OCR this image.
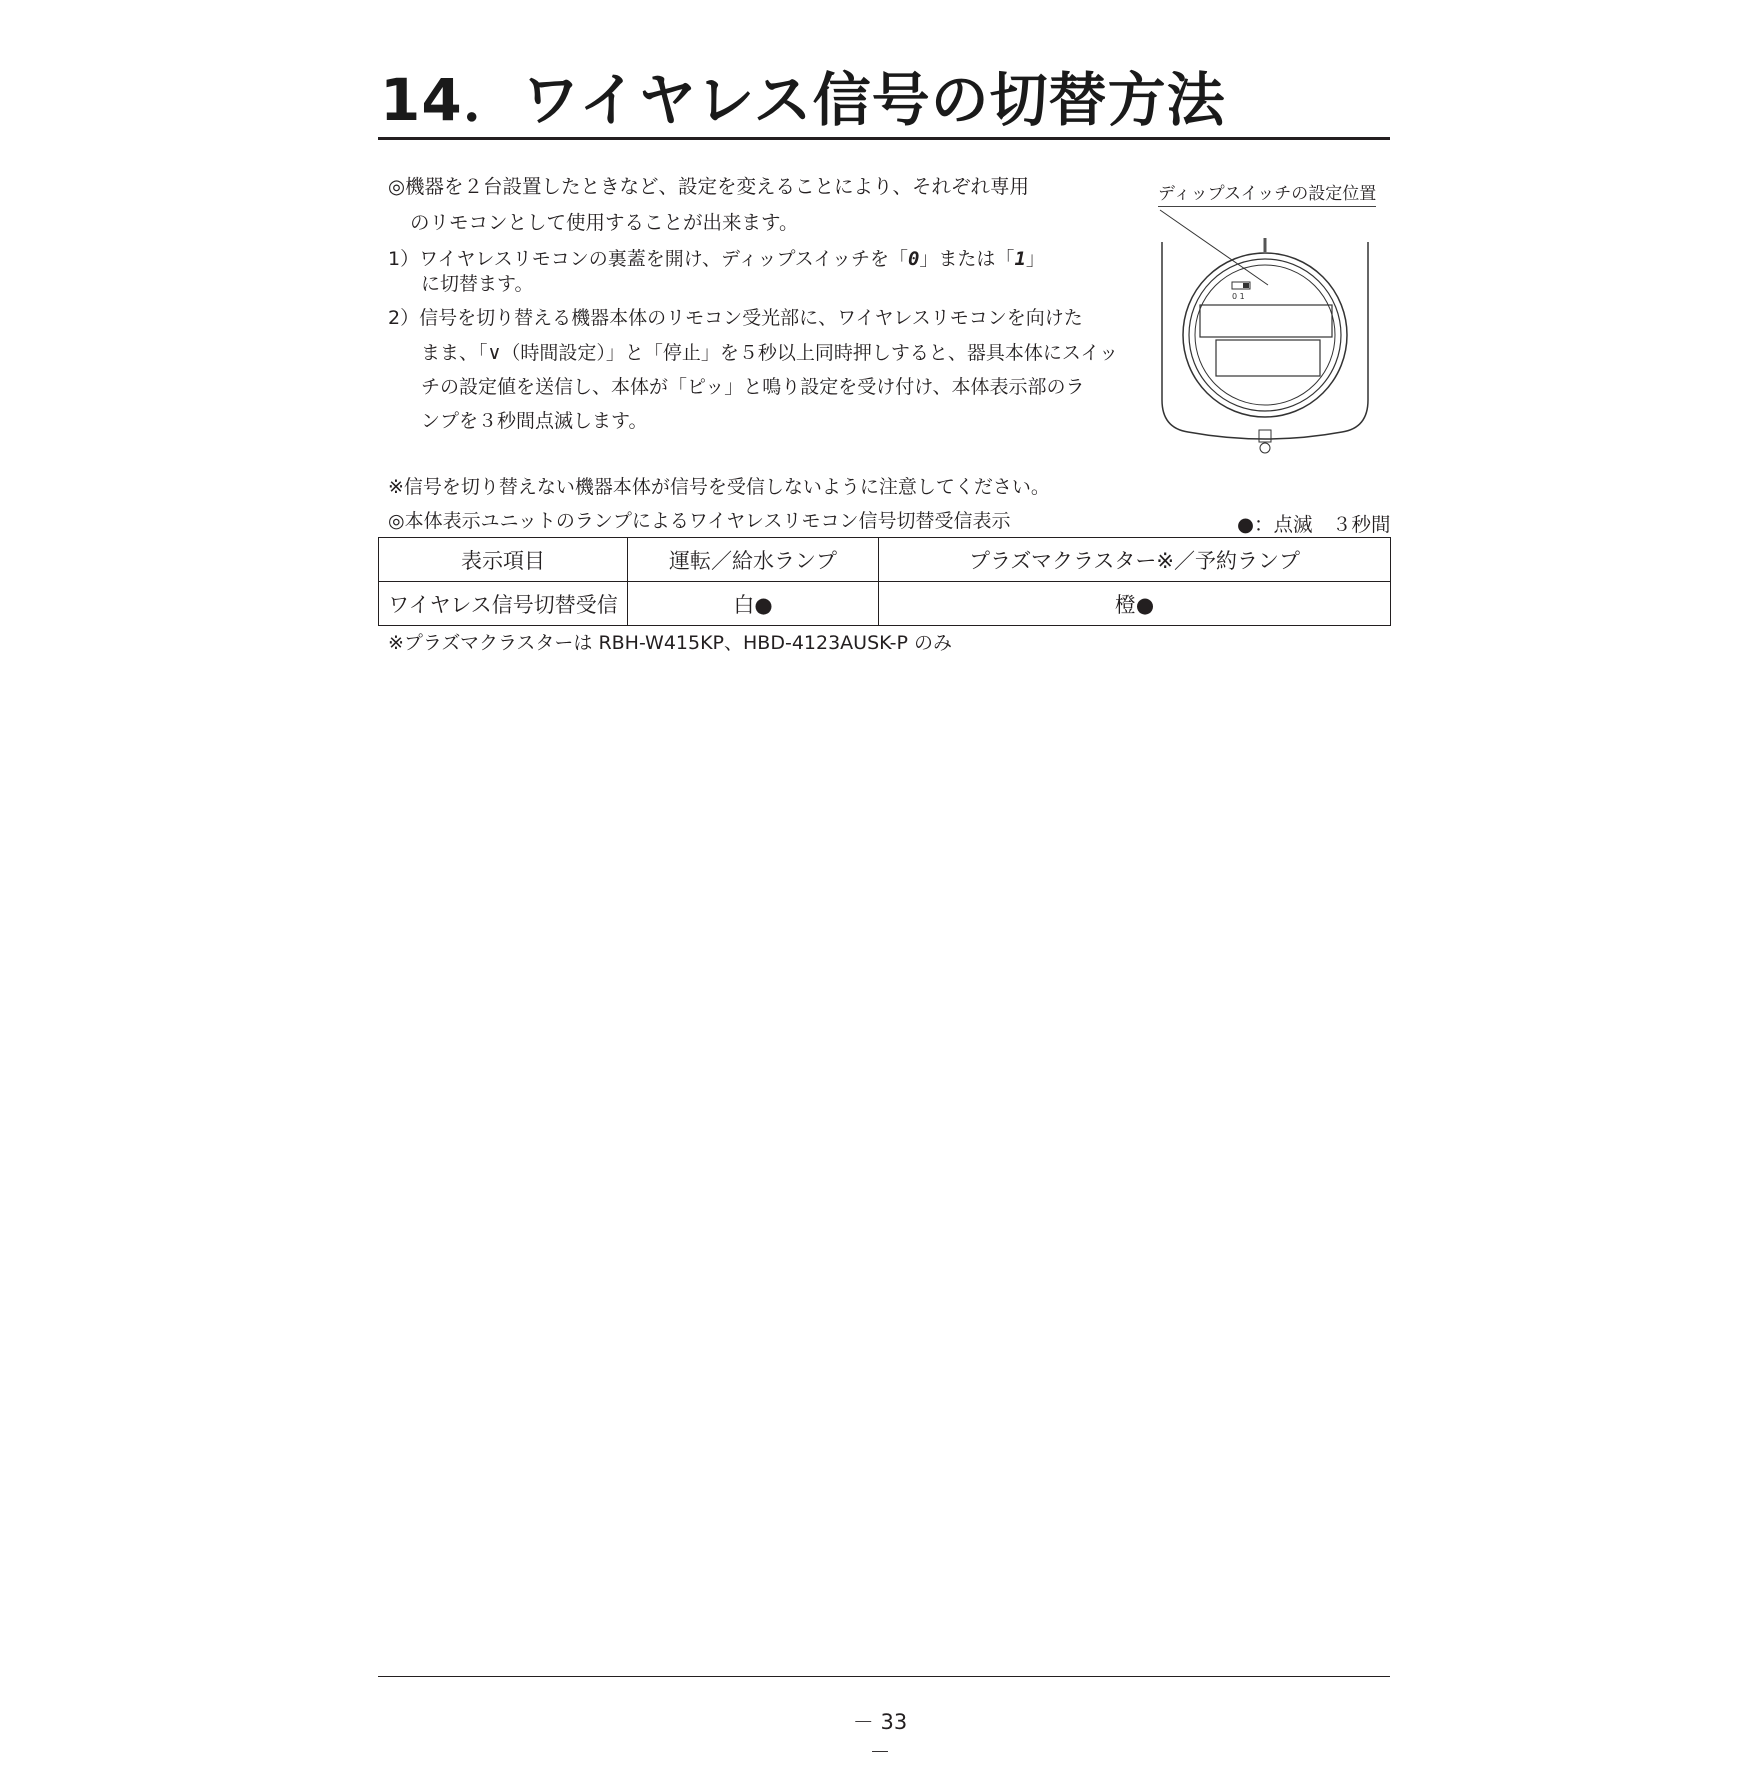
14．ワイヤレス信号の切替方法
◎機器を２台設置したときなど、設定を変えることにより、それぞれ専用
のリモコンとして使用することが出来ます。
1）ワイヤレスリモコンの裏蓋を開け、ディップスイッチを「0」または「1」
に切替ます。
2）信号を切り替える機器本体のリモコン受光部に、ワイヤレスリモコンを向けた
まま、「∨（時間設定）」と「停止」を５秒以上同時押しすると、器具本体にスイッ
チの設定値を送信し、本体が「ピッ」と鳴り設定を受け付け、本体表示部のラ
ンプを３秒間点滅します。
ディップスイッチの設定位置
0 1
※信号を切り替えない機器本体が信号を受信しないように注意してください。
◎本体表示ユニットのランプによるワイヤレスリモコン信号切替受信表示	●：点滅　３秒間
表示項目	運転／給水ランプ	プラズマクラスター※／予約ランプ
ワイヤレス信号切替受信	白●	橙●
※プラズマクラスターは RBH-W415KP、HBD-4123AUSK-P のみ
－ 33 －
